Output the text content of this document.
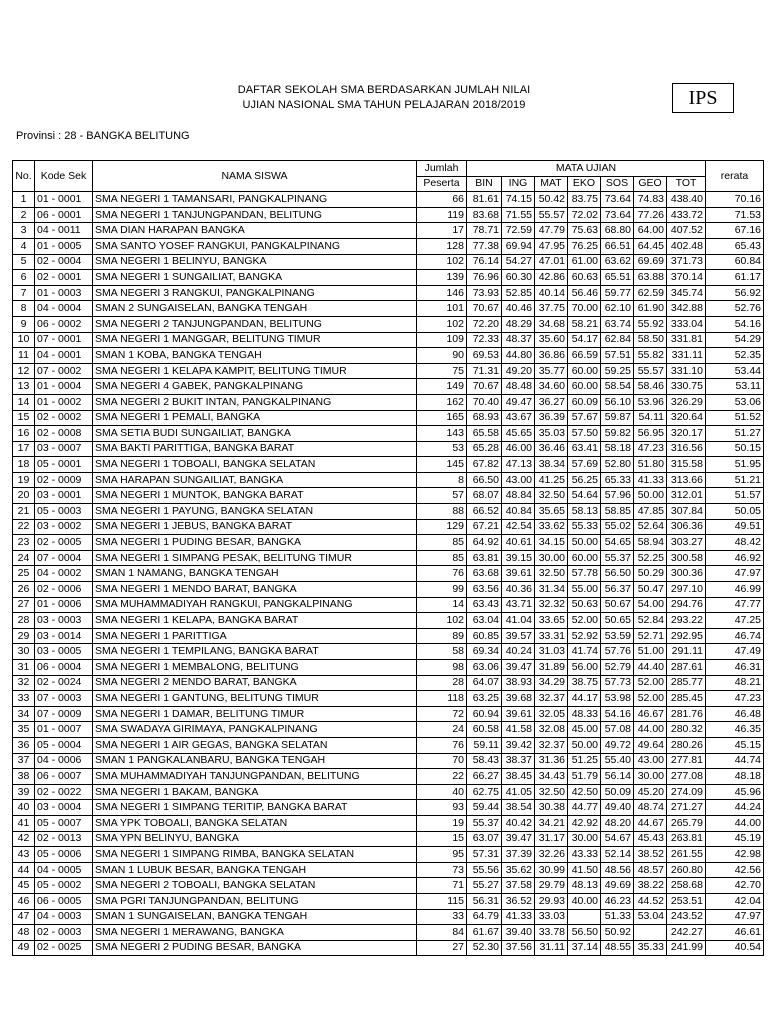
DAFTAR SEKOLAH SMA BERDASARKAN JUMLAH NILAI
UJIAN NASIONAL SMA TAHUN PELAJARAN 2018/2019	IPS
Provinsi : 28 - BANGKA BELITUNG
No.	Kode Sek	NAMA SISWA	Jumlah	MATA UJIAN							rerata
			Peserta	BIN	ING	MAT	EKO	SOS	GEO	TOT	
1	01 - 0001	SMA NEGERI 1 TAMANSARI, PANGKALPINANG	66	81.61	74.15	50.42	83.75	73.64	74.83	438.40	70.16
2	06 - 0001	SMA NEGERI 1 TANJUNGPANDAN, BELITUNG	119	83.68	71.55	55.57	72.02	73.64	77.26	433.72	71.53
3	04 - 0011	SMA DIAN HARAPAN BANGKA	17	78.71	72.59	47.79	75.63	68.80	64.00	407.52	67.16
4	01 - 0005	SMA SANTO YOSEF RANGKUI, PANGKALPINANG	128	77.38	69.94	47.95	76.25	66.51	64.45	402.48	65.43
5	02 - 0004	SMA NEGERI 1 BELINYU, BANGKA	102	76.14	54.27	47.01	61.00	63.62	69.69	371.73	60.84
6	02 - 0001	SMA NEGERI 1 SUNGAILIAT, BANGKA	139	76.96	60.30	42.86	60.63	65.51	63.88	370.14	61.17
7	01 - 0003	SMA NEGERI 3 RANGKUI, PANGKALPINANG	146	73.93	52.85	40.14	56.46	59.77	62.59	345.74	56.92
8	04 - 0004	SMAN 2 SUNGAISELAN, BANGKA TENGAH	101	70.67	40.46	37.75	70.00	62.10	61.90	342.88	52.76
9	06 - 0002	SMA NEGERI 2 TANJUNGPANDAN, BELITUNG	102	72.20	48.29	34.68	58.21	63.74	55.92	333.04	54.16
10	07 - 0001	SMA NEGERI 1 MANGGAR, BELITUNG TIMUR	109	72.33	48.37	35.60	54.17	62.84	58.50	331.81	54.29
11	04 - 0001	SMAN 1 KOBA, BANGKA TENGAH	90	69.53	44.80	36.86	66.59	57.51	55.82	331.11	52.35
12	07 - 0002	SMA NEGERI 1 KELAPA KAMPIT, BELITUNG TIMUR	75	71.31	49.20	35.77	60.00	59.25	55.57	331.10	53.44
13	01 - 0004	SMA NEGERI 4 GABEK, PANGKALPINANG	149	70.67	48.48	34.60	60.00	58.54	58.46	330.75	53.11
14	01 - 0002	SMA NEGERI 2 BUKIT INTAN, PANGKALPINANG	162	70.40	49.47	36.27	60.09	56.10	53.96	326.29	53.06
15	02 - 0002	SMA NEGERI 1 PEMALI, BANGKA	165	68.93	43.67	36.39	57.67	59.87	54.11	320.64	51.52
16	02 - 0008	SMA SETIA BUDI SUNGAILIAT, BANGKA	143	65.58	45.65	35.03	57.50	59.82	56.95	320.17	51.27
17	03 - 0007	SMA BAKTI PARITTIGA, BANGKA BARAT	53	65.28	46.00	36.46	63.41	58.18	47.23	316.56	50.15
18	05 - 0001	SMA NEGERI 1 TOBOALI, BANGKA SELATAN	145	67.82	47.13	38.34	57.69	52.80	51.80	315.58	51.95
19	02 - 0009	SMA HARAPAN SUNGAILIAT, BANGKA	8	66.50	43.00	41.25	56.25	65.33	41.33	313.66	51.21
20	03 - 0001	SMA NEGERI 1 MUNTOK, BANGKA BARAT	57	68.07	48.84	32.50	54.64	57.96	50.00	312.01	51.57
21	05 - 0003	SMA NEGERI 1 PAYUNG, BANGKA SELATAN	88	66.52	40.84	35.65	58.13	58.85	47.85	307.84	50.05
22	03 - 0002	SMA NEGERI 1 JEBUS, BANGKA BARAT	129	67.21	42.54	33.62	55.33	55.02	52.64	306.36	49.51
23	02 - 0005	SMA NEGERI 1 PUDING BESAR, BANGKA	85	64.92	40.61	34.15	50.00	54.65	58.94	303.27	48.42
24	07 - 0004	SMA NEGERI 1 SIMPANG PESAK, BELITUNG TIMUR	85	63.81	39.15	30.00	60.00	55.37	52.25	300.58	46.92
25	04 - 0002	SMAN 1 NAMANG, BANGKA TENGAH	76	63.68	39.61	32.50	57.78	56.50	50.29	300.36	47.97
26	02 - 0006	SMA NEGERI 1 MENDO BARAT, BANGKA	99	63.56	40.36	31.34	55.00	56.37	50.47	297.10	46.99
27	01 - 0006	SMA MUHAMMADIYAH RANGKUI, PANGKALPINANG	14	63.43	43.71	32.32	50.63	50.67	54.00	294.76	47.77
28	03 - 0003	SMA NEGERI 1 KELAPA, BANGKA BARAT	102	63.04	41.04	33.65	52.00	50.65	52.84	293.22	47.25
29	03 - 0014	SMA NEGERI 1 PARITTIGA	89	60.85	39.57	33.31	52.92	53.59	52.71	292.95	46.74
30	03 - 0005	SMA NEGERI 1 TEMPILANG, BANGKA BARAT	58	69.34	40.24	31.03	41.74	57.76	51.00	291.11	47.49
31	06 - 0004	SMA NEGERI 1 MEMBALONG, BELITUNG	98	63.06	39.47	31.89	56.00	52.79	44.40	287.61	46.31
32	02 - 0024	SMA NEGERI 2 MENDO BARAT, BANGKA	28	64.07	38.93	34.29	38.75	57.73	52.00	285.77	48.21
33	07 - 0003	SMA NEGERI 1 GANTUNG, BELITUNG TIMUR	118	63.25	39.68	32.37	44.17	53.98	52.00	285.45	47.23
34	07 - 0009	SMA NEGERI 1 DAMAR, BELITUNG TIMUR	72	60.94	39.61	32.05	48.33	54.16	46.67	281.76	46.48
35	01 - 0007	SMA SWADAYA GIRIMAYA, PANGKALPINANG	24	60.58	41.58	32.08	45.00	57.08	44.00	280.32	46.35
36	05 - 0004	SMA NEGERI 1 AIR GEGAS, BANGKA SELATAN	76	59.11	39.42	32.37	50.00	49.72	49.64	280.26	45.15
37	04 - 0006	SMAN 1 PANGKALANBARU, BANGKA TENGAH	70	58.43	38.37	31.36	51.25	55.40	43.00	277.81	44.74
38	06 - 0007	SMA MUHAMMADIYAH TANJUNGPANDAN, BELITUNG	22	66.27	38.45	34.43	51.79	56.14	30.00	277.08	48.18
39	02 - 0022	SMA NEGERI 1 BAKAM, BANGKA	40	62.75	41.05	32.50	42.50	50.09	45.20	274.09	45.96
40	03 - 0004	SMA NEGERI 1 SIMPANG TERITIP, BANGKA BARAT	93	59.44	38.54	30.38	44.77	49.40	48.74	271.27	44.24
41	05 - 0007	SMA YPK TOBOALI, BANGKA SELATAN	19	55.37	40.42	34.21	42.92	48.20	44.67	265.79	44.00
42	02 - 0013	SMA YPN BELINYU, BANGKA	15	63.07	39.47	31.17	30.00	54.67	45.43	263.81	45.19
43	05 - 0006	SMA NEGERI 1 SIMPANG RIMBA, BANGKA SELATAN	95	57.31	37.39	32.26	43.33	52.14	38.52	261.55	42.98
44	04 - 0005	SMAN 1 LUBUK BESAR, BANGKA TENGAH	73	55.56	35.62	30.99	41.50	48.56	48.57	260.80	42.56
45	05 - 0002	SMA NEGERI 2 TOBOALI, BANGKA SELATAN	71	55.27	37.58	29.79	48.13	49.69	38.22	258.68	42.70
46	06 - 0005	SMA PGRI TANJUNGPANDAN, BELITUNG	115	56.31	36.52	29.93	40.00	46.23	44.52	253.51	42.04
47	04 - 0003	SMAN 1 SUNGAISELAN, BANGKA TENGAH	33	64.79	41.33	33.03		51.33	53.04	243.52	47.97
48	02 - 0003	SMA NEGERI 1 MERAWANG, BANGKA	84	61.67	39.40	33.78	56.50	50.92		242.27	46.61
49	02 - 0025	SMA NEGERI 2 PUDING BESAR, BANGKA	27	52.30	37.56	31.11	37.14	48.55	35.33	241.99	40.54
